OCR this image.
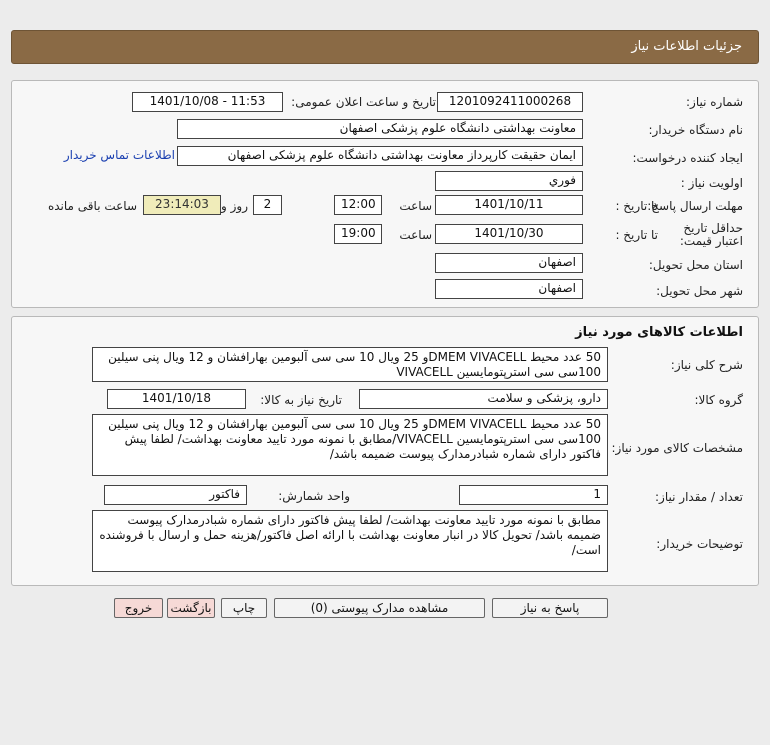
جزئیات اطلاعات نیاز
شماره نیاز:
1201092411000268
تاریخ و ساعت اعلان عمومی:
1401/10/08 - 11:53
نام دستگاه خریدار:
معاونت بهداشتی دانشگاه علوم پزشکی اصفهان
ایجاد کننده درخواست:
ایمان حقیقت کارپرداز معاونت بهداشتی دانشگاه علوم پزشکی اصفهان
اطلاعات تماس خریدار
اولویت نیاز :
فوري
مهلت ارسال پاسخ:
تا تاریخ :
1401/10/11
ساعت
12:00
2
روز و
23:14:03
ساعت باقی مانده
حداقل تاریخ اعتبار قیمت:
تا تاریخ :
1401/10/30
ساعت
19:00
استان محل تحویل:
اصفهان
شهر محل تحویل:
اصفهان
اطلاعات کالاهای مورد نیاز
شرح کلی نیاز:
50 عدد محیط DMEM VIVACELLو 25 ویال 10 سی سی آلبومین بهارافشان و 12 ویال پنی سیلین 100سی سی استرپتومایسین VIVACELL
گروه کالا:
دارو، پزشکی و سلامت
تاریخ نیاز به کالا:
1401/10/18
مشخصات کالای مورد نیاز:
50 عدد محیط DMEM VIVACELLو 25 ویال 10 سی سی آلبومین بهارافشان و 12 ویال پنی سیلین 100سی سی استرپتومایسین VIVACELL/مطابق با نمونه مورد تایید معاونت بهداشت/ لطفا پیش فاکتور دارای شماره شبادرمدارک پیوست ضمیمه باشد/
تعداد / مقدار نیاز:
1
واحد شمارش:
فاکتور
توضیحات خریدار:
مطابق با نمونه مورد تایید معاونت بهداشت/ لطفا پیش فاکتور دارای شماره شبادرمدارک پیوست ضمیمه باشد/ تحویل کالا در انبار معاونت بهداشت با ارائه اصل فاکتور/هزینه حمل و ارسال با فروشنده است/
پاسخ به نیاز
مشاهده مدارک پیوستی (0)
چاپ
بازگشت
خروج
